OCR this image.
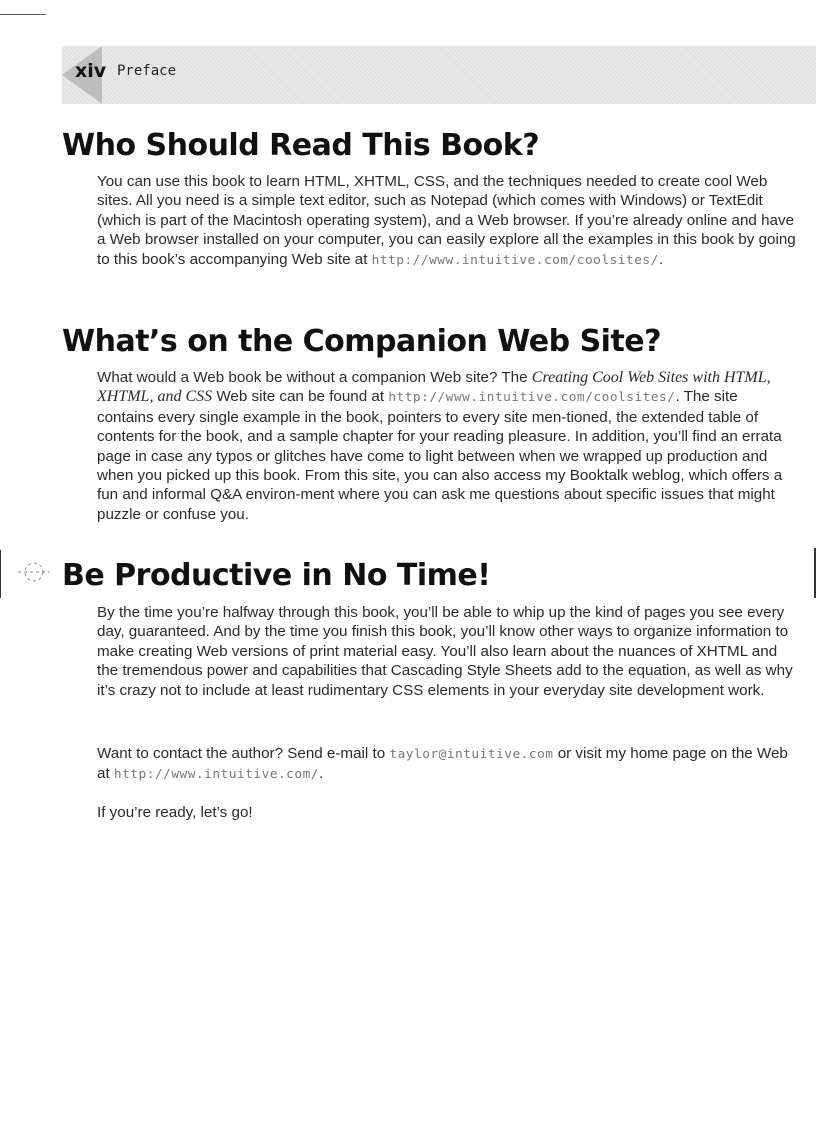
xiv Preface
Who Should Read This Book?

You can use this book to learn HTML, XHTML, CSS, and the techniques needed to create cool Web sites. All you need is a simple text editor, such as Notepad (which comes with Windows) or TextEdit (which is part of the Macintosh operating system), and a Web browser. If you’re already online and have a Web browser installed on your computer, you can easily explore all the examples in this book by going to this book’s accompanying Web site at http://www.intuitive.com/coolsites/.

What’s on the Companion Web Site?

What would a Web book be without a companion Web site? The Creating Cool Web Sites with HTML, XHTML, and CSS Web site can be found at http://www.intuitive.com/coolsites/. The site contains every single example in the book, pointers to every site men-tioned, the extended table of contents for the book, and a sample chapter for your reading pleasure. In addition, you’ll find an errata page in case any typos or glitches have come to light between when we wrapped up production and when you picked up this book. From this site, you can also access my Booktalk weblog, which offers a fun and informal Q&A environ-ment where you can ask me questions about specific issues that might puzzle or confuse you.

Be Productive in No Time!

By the time you’re halfway through this book, you’ll be able to whip up the kind of pages you see every day, guaranteed. And by the time you finish this book, you’ll know other ways to organize information to make creating Web versions of print material easy. You’ll also learn about the nuances of XHTML and the tremendous power and capabilities that Cascading Style Sheets add to the equation, as well as why it’s crazy not to include at least rudimentary CSS elements in your everyday site development work.

Want to contact the author? Send e-mail to taylor@intuitive.com or visit my home page on the Web at http://www.intuitive.com/.

If you’re ready, let’s go!
